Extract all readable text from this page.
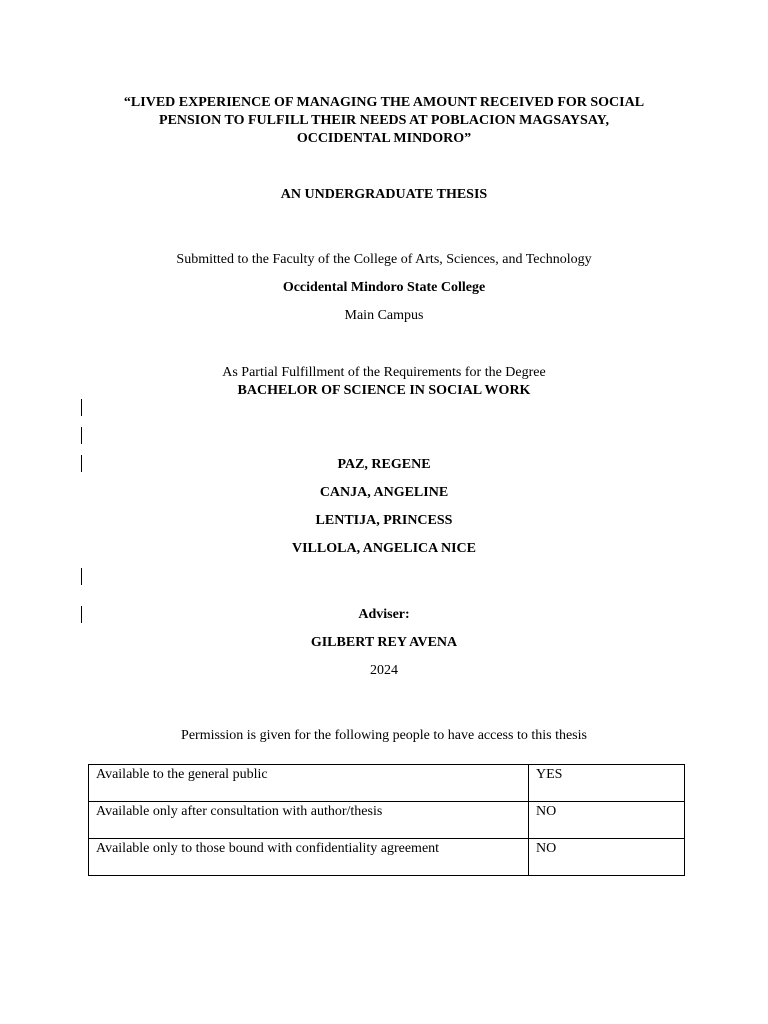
“LIVED EXPERIENCE OF MANAGING THE AMOUNT RECEIVED FOR SOCIAL
PENSION TO FULFILL THEIR NEEDS AT POBLACION MAGSAYSAY,
OCCIDENTAL MINDORO”
AN UNDERGRADUATE THESIS
Submitted to the Faculty of the College of Arts, Sciences, and Technology
Occidental Mindoro State College
Main Campus
As Partial Fulfillment of the Requirements for the Degree
BACHELOR OF SCIENCE IN SOCIAL WORK
PAZ, REGENE
CANJA, ANGELINE
LENTIJA, PRINCESS
VILLOLA, ANGELICA NICE
Adviser:
GILBERT REY AVENA
2024
Permission is given for the following people to have access to this thesis
Available to the general public	YES
Available only after consultation with author/thesis	NO
Available only to those bound with confidentiality agreement	NO
